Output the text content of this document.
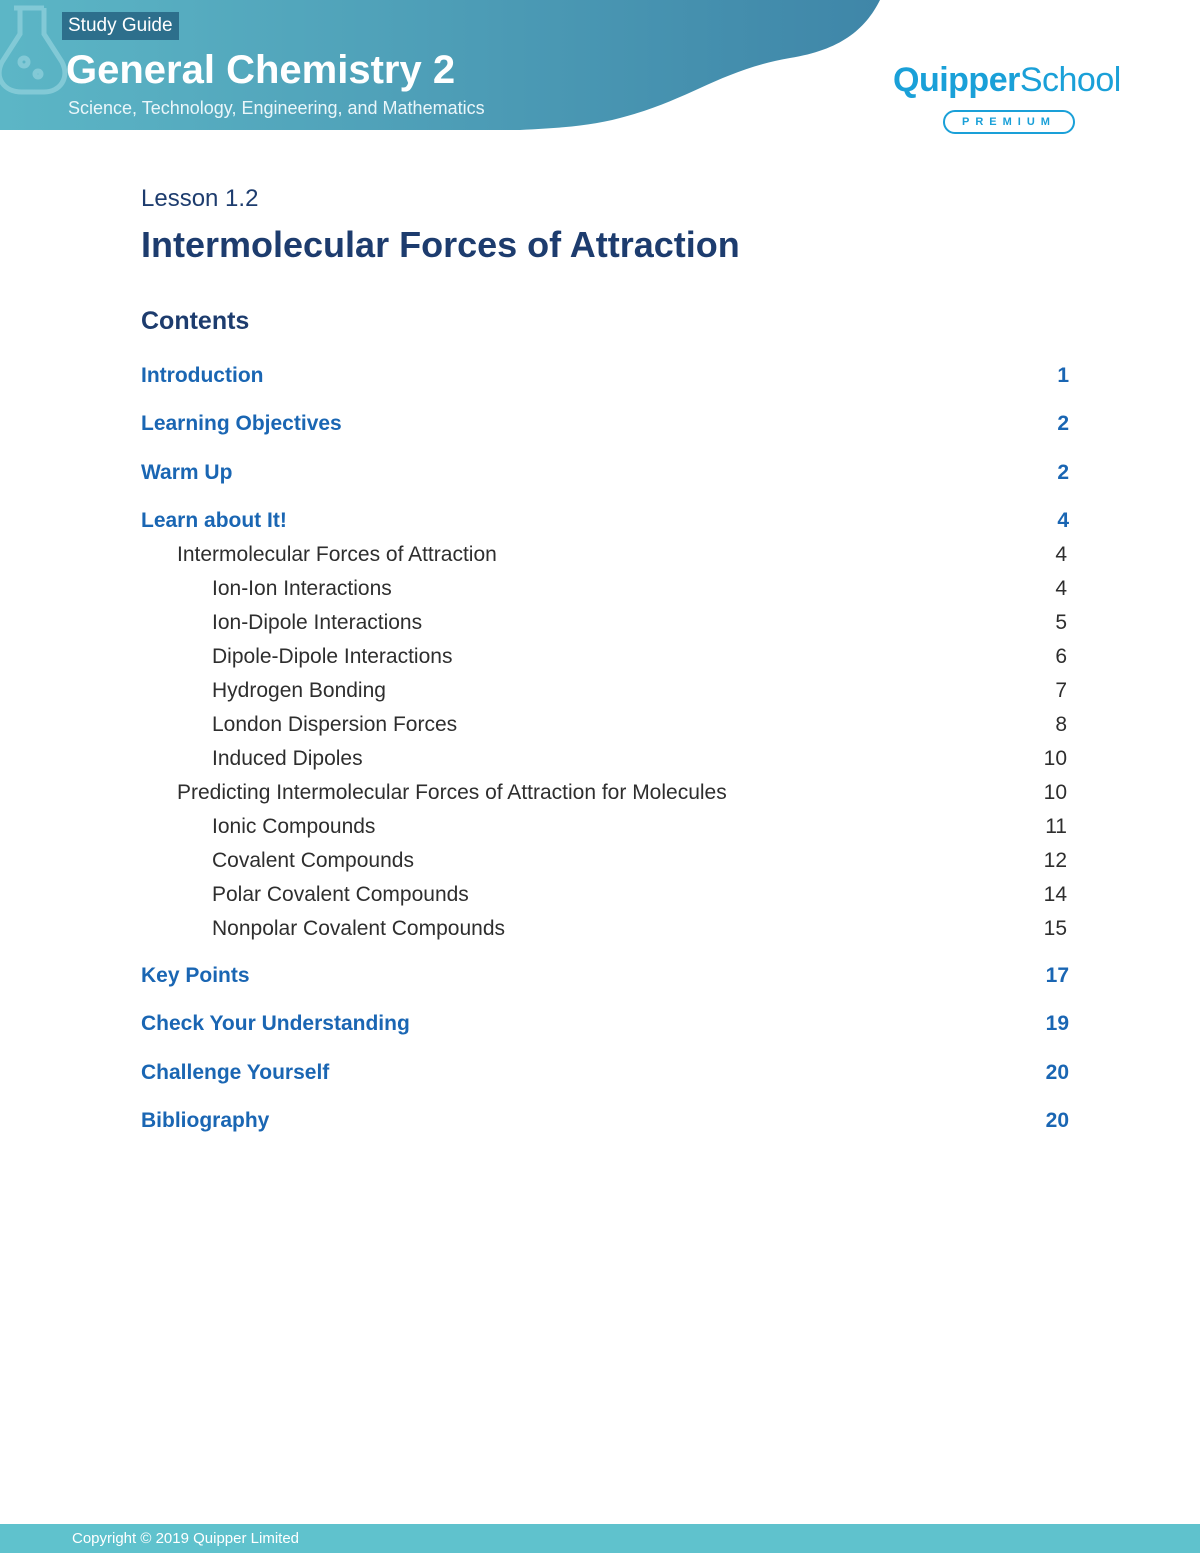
Study Guide
General Chemistry 2
Science, Technology, Engineering, and Mathematics
QuipperSchool
PREMIUM
Lesson 1.2
Intermolecular Forces of Attraction
Contents
Introduction	1
Learning Objectives	2
Warm Up	2
Learn about It!	4
Intermolecular Forces of Attraction	4
Ion-Ion Interactions	4
Ion-Dipole Interactions	5
Dipole-Dipole Interactions	6
Hydrogen Bonding	7
London Dispersion Forces	8
Induced Dipoles	10
Predicting Intermolecular Forces of Attraction for Molecules	10
Ionic Compounds	11
Covalent Compounds	12
Polar Covalent Compounds	14
Nonpolar Covalent Compounds	15
Key Points	17
Check Your Understanding	19
Challenge Yourself	20
Bibliography	20
Copyright © 2019 Quipper Limited
